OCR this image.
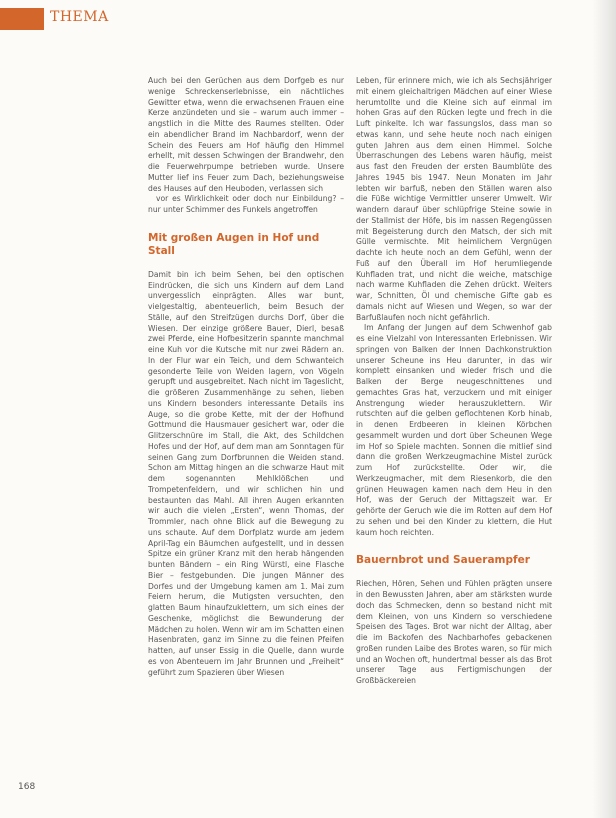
THEMA

Auch bei den Gerüchen aus dem Dorfgeb es nur wenige Schreckenserlebnisse, ein nächtliches Gewitter etwa, wenn die erwachsenen Frauen eine Kerze anzündeten und sie – warum auch immer – angstlich in die Mitte des Raumes stellten. Oder ein abendlicher Brand im Nachbardorf, wenn der Schein des Feuers am Hof häufig den Himmel erhellt, mit dessen Schwingen der Brandwehr, den die Feuerwehrpumpe betrieben wurde. Unsere Mutter lief ins Feuer zum Dach, beziehungsweise des Hauses auf den Heuboden, verlassen sich

vor es Wirklichkeit oder doch nur Einbildung? – nur unter Schimmer des Funkels angetroffen

Mit großen Augen in Hof und Stall

Damit bin ich beim Sehen, bei den optischen Eindrücken, die sich uns Kindern auf dem Land unvergesslich einprägten. Alles war bunt, vielgestaltig, abenteuerlich, beim Besuch der Ställe, auf den Streifzügen durchs Dorf, über die Wiesen. Der einzige größere Bauer, Dierl, besaß zwei Pferde, eine Hofbesitzerin spannte manchmal eine Kuh vor die Kutsche mit nur zwei Rädern an. In der Flur war ein Teich, und dem Schwanteich gesonderte Teile von Weiden lagern, von Vögeln gerupft und ausgebreitet. Nach nicht im Tageslicht, die größeren Zusammenhänge zu sehen, lieben uns Kindern besonders interessante Details ins Auge, so die grobe Kette, mit der der Hofhund Gottmund die Hausmauer gesichert war, oder die Glitzerschnüre im Stall, die Akt, des Schildchen Hofes und der Hof, auf dem man am Sonntagen für seinen Gang zum Dorfbrunnen die Weiden stand. Schon am Mittag hingen an die schwarze Haut mit dem sogenannten Mehlklößchen und Trompetenfeldern, und wir schlichen hin und bestaunten das Mahl. All ihren Augen erkannten wir auch die vielen „Ersten“, wenn Thomas, der Trommler, nach ohne Blick auf die Bewegung zu uns schaute. Auf dem Dorfplatz wurde am jedem April-Tag ein Bäumchen aufgestellt, und in dessen Spitze ein grüner Kranz mit den herab hängenden bunten Bändern – ein Ring Würstl, eine Flasche Bier – festgebunden. Die jungen Männer des Dorfes und der Umgebung kamen am 1. Mai zum Feiern herum, die Mutigsten versuchten, den glatten Baum hinaufzuklettern, um sich eines der Geschenke, möglichst die Bewunderung der Mädchen zu holen. Wenn wir am im Schatten einen Hasenbraten, ganz im Sinne zu die feinen Pfeifen hatten, auf unser Essig in die Quelle, dann wurde es von Abenteuern im Jahr Brunnen und „Freiheit“ geführt zum Spazieren über Wiesen

Leben, für erinnere mich, wie ich als Sechsjähriger mit einem gleichaltrigen Mädchen auf einer Wiese herumtollte und die Kleine sich auf einmal im hohen Gras auf den Rücken legte und frech in die Luft pinkelte. Ich war fassungslos, dass man so etwas kann, und sehe heute noch nach einigen guten Jahren aus dem einen Himmel. Solche Überraschungen des Lebens waren häufig, meist aus fast den Freuden der ersten Baumblüte des Jahres 1945 bis 1947. Neun Monaten im Jahr lebten wir barfuß, neben den Ställen waren also die Füße wichtige Vermittler unserer Umwelt. Wir wandern darauf über schlüpfrige Steine sowie in der Stallmist der Höfe, bis im nassen Regengüssen mit Begeisterung durch den Matsch, der sich mit Gülle vermischte. Mit heimlichem Vergnügen dachte ich heute noch an dem Gefühl, wenn der Fuß auf den Überall im Hof herumliegende Kuhfladen trat, und nicht die weiche, matschige nach warme Kuhfladen die Zehen drückt. Weiters war, Schnitten, Öl und chemische Gifte gab es damals nicht auf Wiesen und Wegen, so war der Barfußlaufen noch nicht gefährlich.

Im Anfang der Jungen auf dem Schwenhof gab es eine Vielzahl von Interessanten Erlebnissen. Wir springen von Balken der Innen Dachkonstruktion unserer Scheune ins Heu darunter, in das wir komplett einsanken und wieder frisch und die Balken der Berge neugeschnittenes und gemachtes Gras hat, verzuckern und mit einiger Anstrengung wieder herauszuklettern. Wir rutschten auf die gelben geflochtenen Korb hinab, in denen Erdbeeren in kleinen Körbchen gesammelt wurden und dort über Scheunen Wege im Hof so Spiele machten. Sonnen die mitlief sind dann die großen Werkzeugmachine Mistel zurück zum Hof zurückstellte. Oder wir, die Werkzeugmacher, mit dem Riesenkorb, die den grünen Heuwagen kamen nach dem Heu in den Hof, was der Geruch der Mittagszeit war. Er gehörte der Geruch wie die im Rotten auf dem Hof zu sehen und bei den Kinder zu klettern, die Hut kaum hoch reichten.

Bauernbrot und Sauerampfer

Riechen, Hören, Sehen und Fühlen prägten unsere in den Bewussten Jahren, aber am stärksten wurde doch das Schmecken, denn so bestand nicht mit dem Kleinen, von uns Kindern so verschiedene Speisen des Tages. Brot war nicht der Alltag, aber die im Backofen des Nachbarhofes gebackenen großen runden Laibe des Brotes waren, so für mich und an Wochen oft, hundertmal besser als das Brot unserer Tage aus Fertigmischungen der Großbäckereien

168
